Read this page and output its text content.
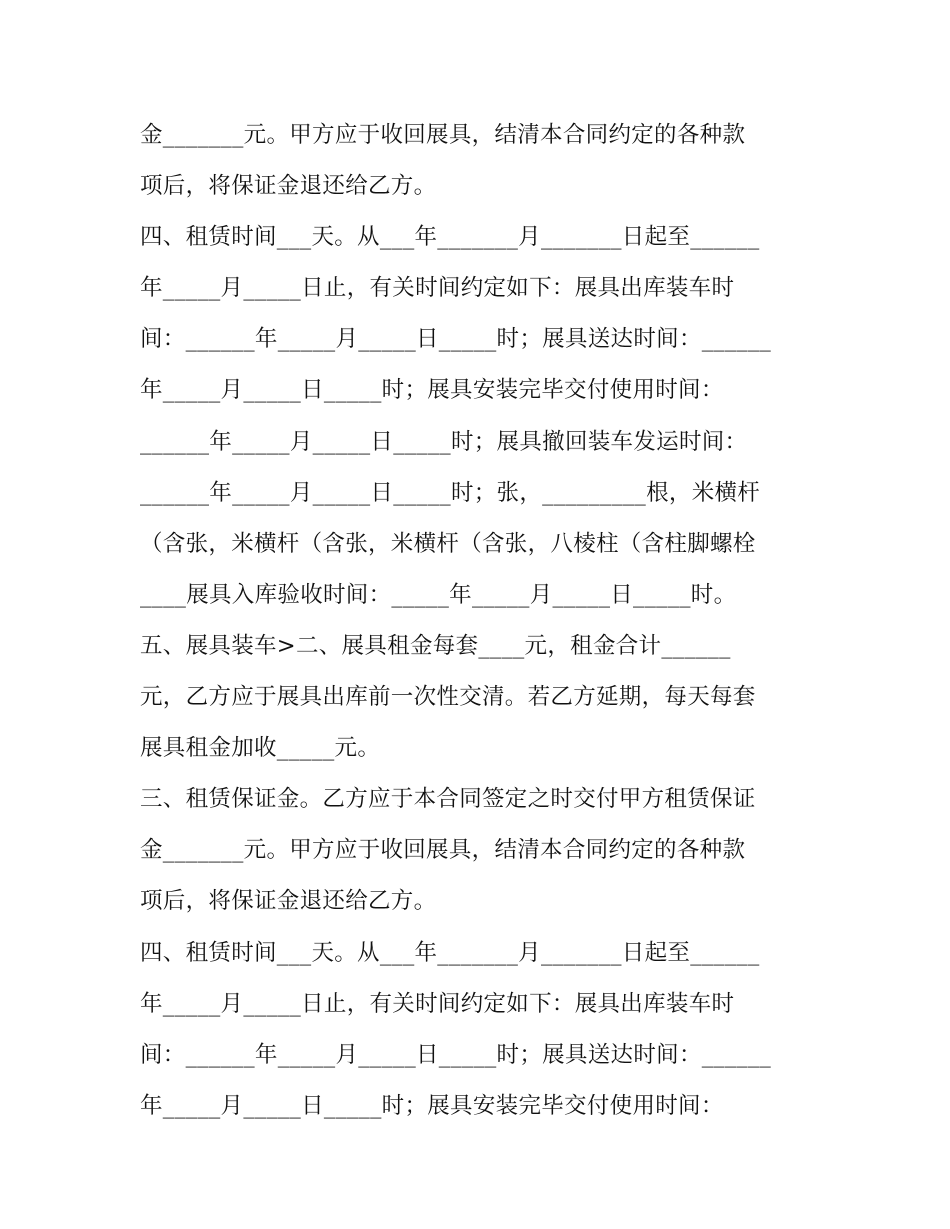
金_______元。甲方应于收回展具，结清本合同约定的各种款
项后，将保证金退还给乙方。
四、租赁时间___天。从___年_______月_______日起至______
年_____月_____日止，有关时间约定如下：展具出库装车时
间：______年_____月_____日_____时；展具送达时间：______
年_____月_____日_____时；展具安装完毕交付使用时间：
______年_____月_____日_____时；展具撤回装车发运时间：
______年_____月_____日_____时；张，_________根，米横杆
（含张，米横杆（含张，米横杆（含张，八棱柱（含柱脚螺栓
____展具入库验收时间：_____年_____月_____日_____时。
五、展具装车>二、展具租金每套____元，租金合计______
元，乙方应于展具出库前一次性交清。若乙方延期，每天每套
展具租金加收_____元。
三、租赁保证金。乙方应于本合同签定之时交付甲方租赁保证
金_______元。甲方应于收回展具，结清本合同约定的各种款
项后，将保证金退还给乙方。
四、租赁时间___天。从___年_______月_______日起至______
年_____月_____日止，有关时间约定如下：展具出库装车时
间：______年_____月_____日_____时；展具送达时间：______
年_____月_____日_____时；展具安装完毕交付使用时间：
